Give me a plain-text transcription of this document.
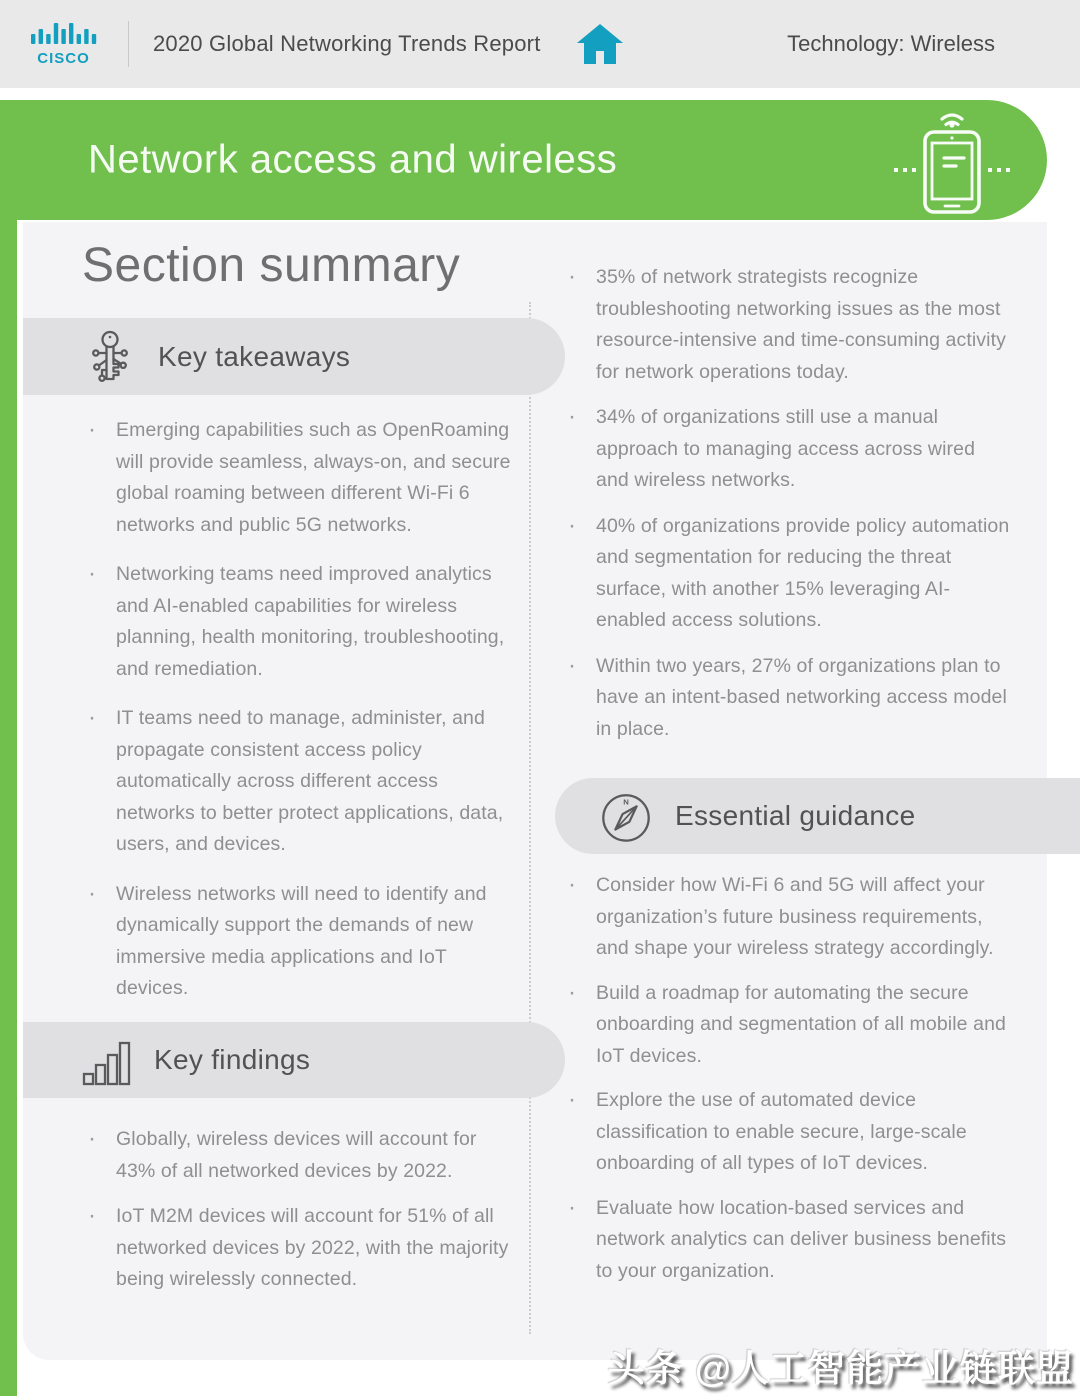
CISCO
2020 Global Networking Trends Report	Technology: Wireless
Network access and wireless
Section summary
Key takeaways
· Emerging capabilities such as OpenRoaming will provide seamless, always-on, and secure global roaming between different Wi-Fi 6 networks and public 5G networks.
· Networking teams need improved analytics and AI-enabled capabilities for wireless planning, health monitoring, troubleshooting, and remediation.
· IT teams need to manage, administer, and propagate consistent access policy automatically across different access networks to better protect applications, data, users, and devices.
· Wireless networks will need to identify and dynamically support the demands of new immersive media applications and IoT devices.
Key findings
· Globally, wireless devices will account for 43% of all networked devices by 2022.
· IoT M2M devices will account for 51% of all networked devices by 2022, with the majority being wirelessly connected.
· 35% of network strategists recognize troubleshooting networking issues as the most resource-intensive and time-consuming activity for network operations today.
· 34% of organizations still use a manual approach to managing access across wired and wireless networks.
· 40% of organizations provide policy automation and segmentation for reducing the threat surface, with another 15% leveraging AI-enabled access solutions.
· Within two years, 27% of organizations plan to have an intent-based networking access model in place.
N Essential guidance
· Consider how Wi-Fi 6 and 5G will affect your organization’s future business requirements, and shape your wireless strategy accordingly.
· Build a roadmap for automating the secure onboarding and segmentation of all mobile and IoT devices.
· Explore the use of automated device classification to enable secure, large-scale onboarding of all types of IoT devices.
· Evaluate how location-based services and network analytics can deliver business benefits to your organization.
头条 @人工智能产业链联盟
